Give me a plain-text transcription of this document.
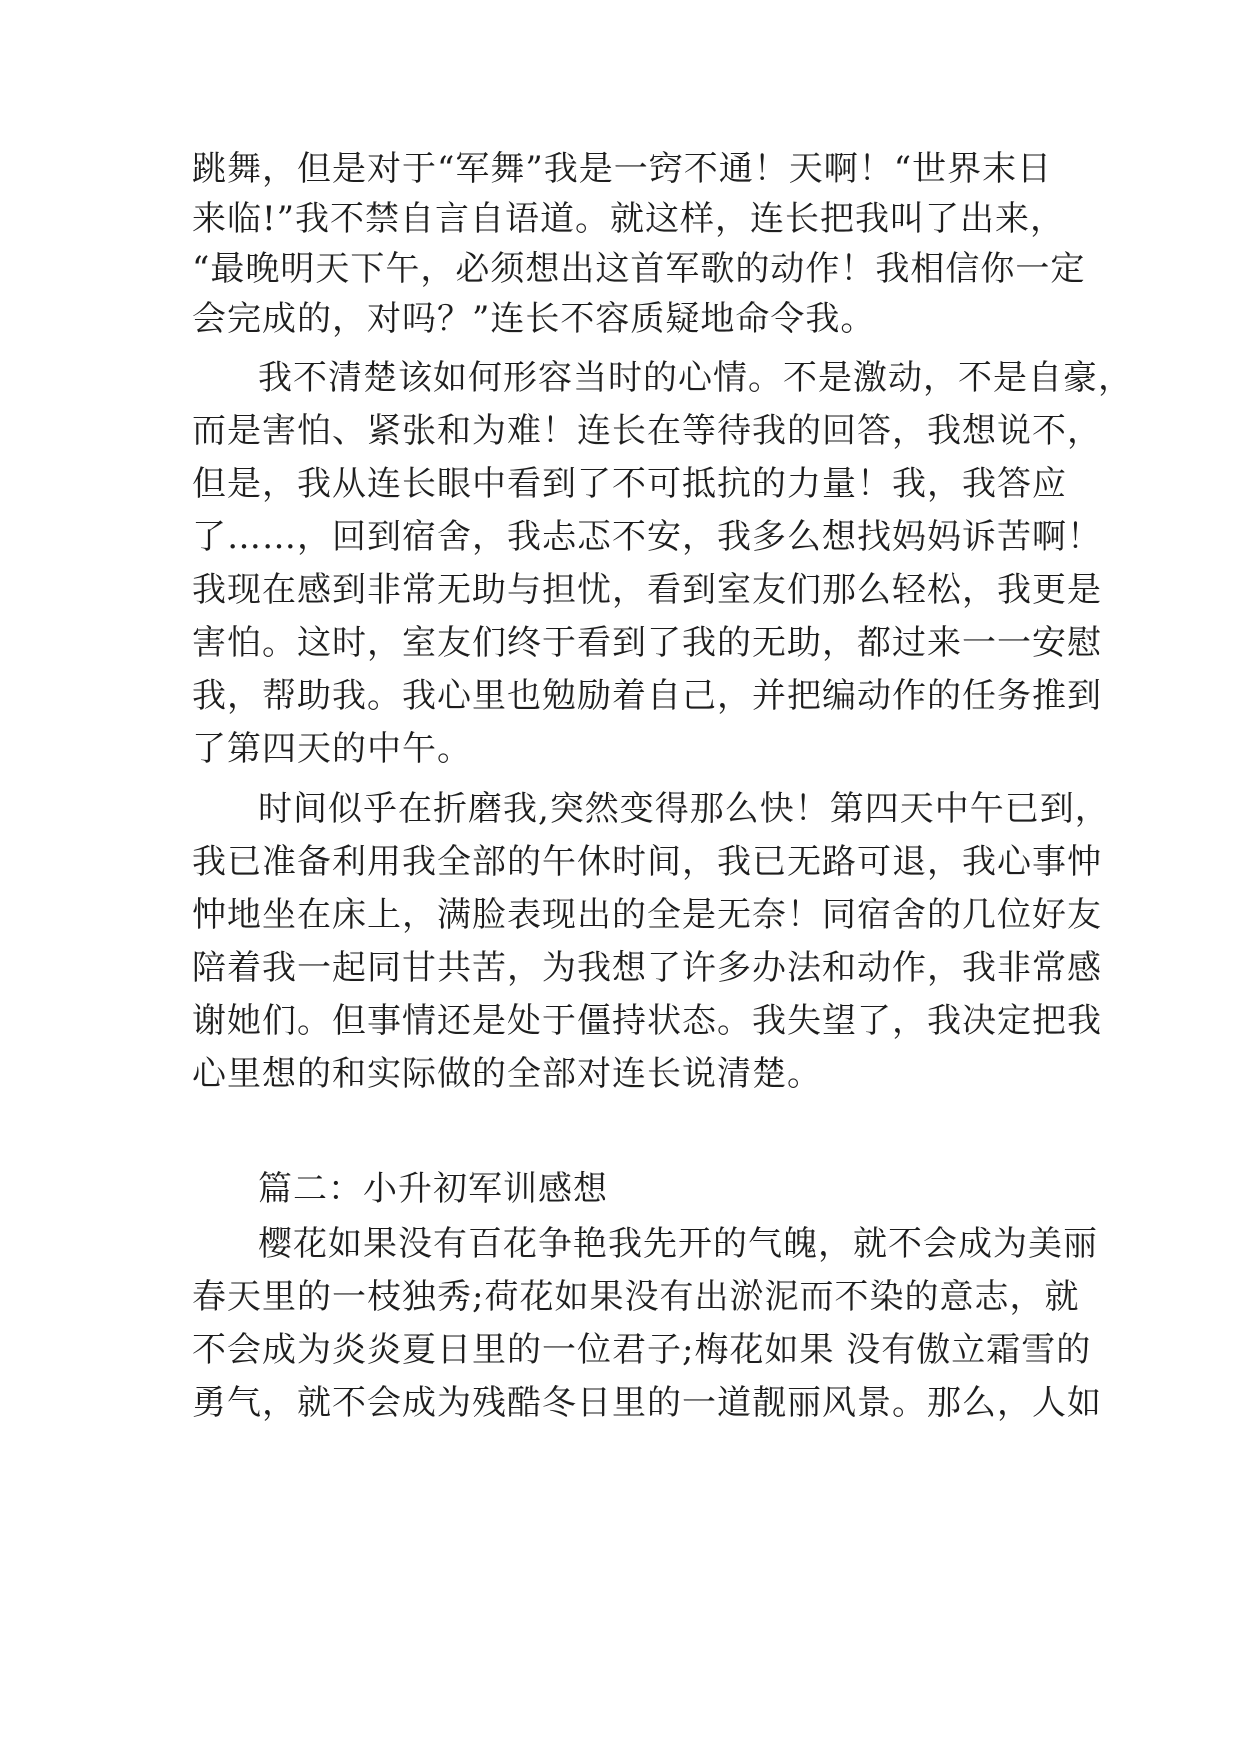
跳舞，但是对于“军舞”我是一窍不通！天啊！“世界末日
来临!”我不禁自言自语道。就这样，连长把我叫了出来，
“最晚明天下午，必须想出这首军歌的动作！我相信你一定
会完成的，对吗？”连长不容质疑地命令我。
我不清楚该如何形容当时的心情。不是激动，不是自豪，
而是害怕、紧张和为难！连长在等待我的回答，我想说不，
但是，我从连长眼中看到了不可抵抗的力量！我，我答应
了……，回到宿舍，我忐忑不安，我多么想找妈妈诉苦啊！
我现在感到非常无助与担忧，看到室友们那么轻松，我更是
害怕。这时，室友们终于看到了我的无助，都过来一一安慰
我，帮助我。我心里也勉励着自己，并把编动作的任务推到
了第四天的中午。
时间似乎在折磨我,突然变得那么快！第四天中午已到，
我已准备利用我全部的午休时间，我已无路可退，我心事忡
忡地坐在床上，满脸表现出的全是无奈！同宿舍的几位好友
陪着我一起同甘共苦，为我想了许多办法和动作，我非常感
谢她们。但事情还是处于僵持状态。我失望了，我决定把我
心里想的和实际做的全部对连长说清楚。
篇二：小升初军训感想
樱花如果没有百花争艳我先开的气魄，就不会成为美丽
春天里的一枝独秀;荷花如果没有出淤泥而不染的意志，就
不会成为炎炎夏日里的一位君子;梅花如果 没有傲立霜雪的
勇气，就不会成为残酷冬日里的一道靓丽风景。那么，人如
